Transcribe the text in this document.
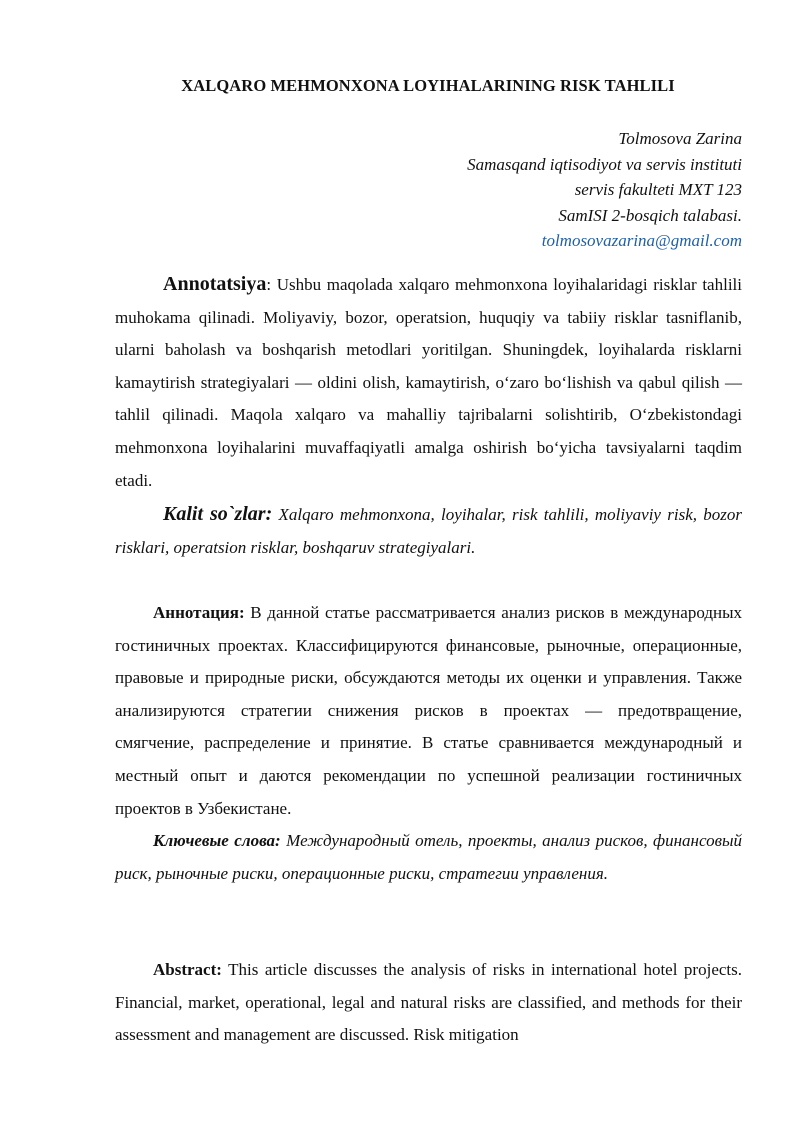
XALQARO MEHMONXONA LOYIHALARINING RISK TAHLILI
Tolmosova Zarina
Samasqand iqtisodiyot va servis instituti
servis fakulteti MXT 123
SamISI 2-bosqich talabasi.
tolmosovazarina@gmail.com
Annotatsiya: Ushbu maqolada xalqaro mehmonxona loyihalaridagi risklar tahlili muhokama qilinadi. Moliyaviy, bozor, operatsion, huquqiy va tabiiy risklar tasniflanib, ularni baholash va boshqarish metodlari yoritilgan. Shuningdek, loyihalarda risklarni kamaytirish strategiyalari — oldini olish, kamaytirish, oʻzaro boʻlishish va qabul qilish — tahlil qilinadi. Maqola xalqaro va mahalliy tajribalarni solishtirib, Oʻzbekistondagi mehmonxona loyihalarini muvaffaqiyatli amalga oshirish boʻyicha tavsiyalarni taqdim etadi.
Kalit so`zlar: Xalqaro mehmonxona, loyihalar, risk tahlili, moliyaviy risk, bozor risklari, operatsion risklar, boshqaruv strategiyalari.
Аннотация: В данной статье рассматривается анализ рисков в международных гостиничных проектах. Классифицируются финансовые, рыночные, операционные, правовые и природные риски, обсуждаются методы их оценки и управления. Также анализируются стратегии снижения рисков в проектах — предотвращение, смягчение, распределение и принятие. В статье сравнивается международный и местный опыт и даются рекомендации по успешной реализации гостиничных проектов в Узбекистане.
Ключевые слова: Международный отель, проекты, анализ рисков, финансовый риск, рыночные риски, операционные риски, стратегии управления.
Abstract: This article discusses the analysis of risks in international hotel projects. Financial, market, operational, legal and natural risks are classified, and methods for their assessment and management are discussed. Risk mitigation
